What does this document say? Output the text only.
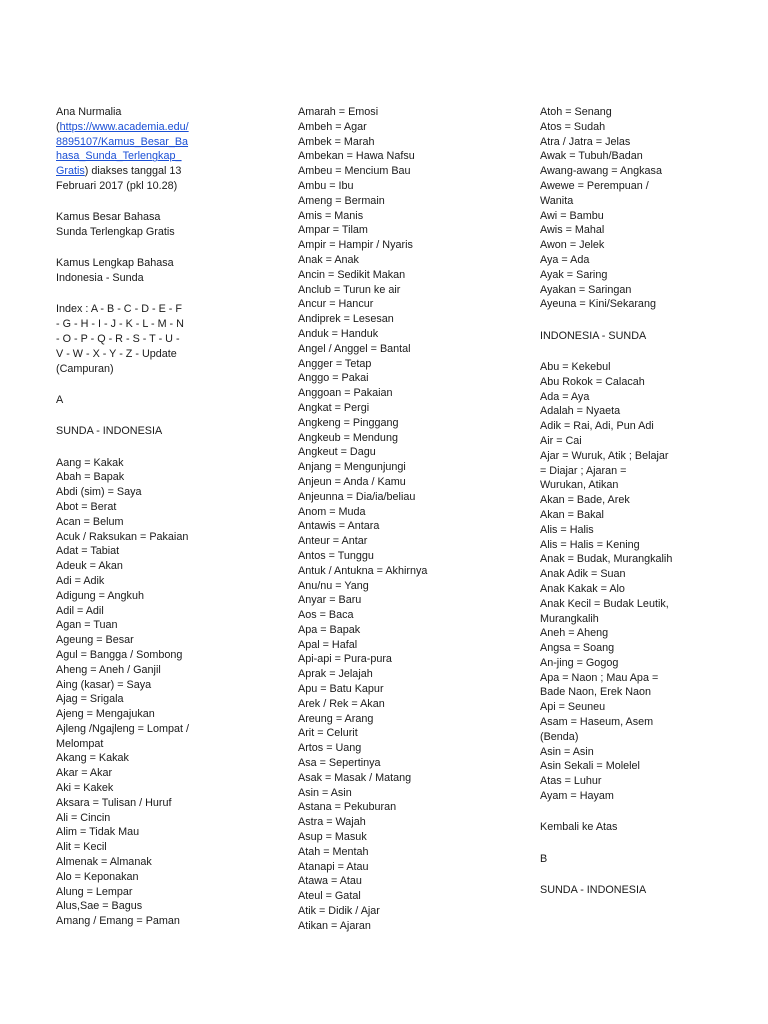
Ana Nurmalia
(https://www.academia.edu/
8895107/Kamus_Besar_Ba
hasa_Sunda_Terlengkap_
Gratis) diakses tanggal 13
Februari 2017 (pkl 10.28)
Kamus Besar Bahasa
Sunda Terlengkap Gratis
Kamus Lengkap Bahasa
Indonesia - Sunda
Index : A - B - C - D - E - F
- G - H - I - J - K - L - M - N
- O - P - Q - R - S - T - U -
V - W - X - Y - Z - Update
(Campuran)
A
SUNDA - INDONESIA
Aang = Kakak
Abah = Bapak
Abdi (sim) = Saya
Abot = Berat
Acan = Belum
Acuk / Raksukan = Pakaian
Adat = Tabiat
Adeuk = Akan
Adi = Adik
Adigung = Angkuh
Adil = Adil
Agan = Tuan
Ageung = Besar
Agul = Bangga / Sombong
Aheng = Aneh / Ganjil
Aing (kasar) = Saya
Ajag = Srigala
Ajeng = Mengajukan
Ajleng /Ngajleng = Lompat /
Melompat
Akang = Kakak
Akar = Akar
Aki = Kakek
Aksara = Tulisan / Huruf
Ali = Cincin
Alim = Tidak Mau
Alit = Kecil
Almenak = Almanak
Alo = Keponakan
Alung = Lempar
Alus,Sae = Bagus
Amang / Emang = Paman
Amarah = Emosi
Ambeh = Agar
Ambek = Marah
Ambekan = Hawa Nafsu
Ambeu = Mencium Bau
Ambu = Ibu
Ameng = Bermain
Amis = Manis
Ampar = Tilam
Ampir = Hampir / Nyaris
Anak = Anak
Ancin = Sedikit Makan
Anclub = Turun ke air
Ancur = Hancur
Andiprek = Lesesan
Anduk = Handuk
Angel / Anggel = Bantal
Angger = Tetap
Anggo = Pakai
Anggoan = Pakaian
Angkat = Pergi
Angkeng = Pinggang
Angkeub = Mendung
Angkeut = Dagu
Anjang = Mengunjungi
Anjeun = Anda / Kamu
Anjeunna = Dia/ia/beliau
Anom = Muda
Antawis = Antara
Anteur = Antar
Antos = Tunggu
Antuk / Antukna = Akhirnya
Anu/nu = Yang
Anyar = Baru
Aos = Baca
Apa = Bapak
Apal = Hafal
Api-api = Pura-pura
Aprak = Jelajah
Apu = Batu Kapur
Arek / Rek = Akan
Areung = Arang
Arit = Celurit
Artos = Uang
Asa = Sepertinya
Asak = Masak / Matang
Asin = Asin
Astana = Pekuburan
Astra = Wajah
Asup = Masuk
Atah = Mentah
Atanapi = Atau
Atawa = Atau
Ateul = Gatal
Atik = Didik / Ajar
Atikan = Ajaran
Atoh = Senang
Atos = Sudah
Atra / Jatra = Jelas
Awak = Tubuh/Badan
Awang-awang = Angkasa
Awewe = Perempuan /
Wanita
Awi = Bambu
Awis = Mahal
Awon = Jelek
Aya = Ada
Ayak = Saring
Ayakan = Saringan
Ayeuna = Kini/Sekarang
INDONESIA - SUNDA
Abu = Kekebul
Abu Rokok = Calacah
Ada = Aya
Adalah = Nyaeta
Adik = Rai, Adi, Pun Adi
Air = Cai
Ajar = Wuruk, Atik ; Belajar
= Diajar ; Ajaran =
Wurukan, Atikan
Akan = Bade, Arek
Akan = Bakal
Alis = Halis
Alis = Halis = Kening
Anak = Budak, Murangkalih
Anak Adik = Suan
Anak Kakak = Alo
Anak Kecil = Budak Leutik,
Murangkalih
Aneh = Aheng
Angsa = Soang
An-jing = Gogog
Apa = Naon ; Mau Apa =
Bade Naon, Erek Naon
Api = Seuneu
Asam = Haseum, Asem
(Benda)
Asin = Asin
Asin Sekali = Molelel
Atas = Luhur
Ayam = Hayam
Kembali ke Atas
B
SUNDA - INDONESIA
